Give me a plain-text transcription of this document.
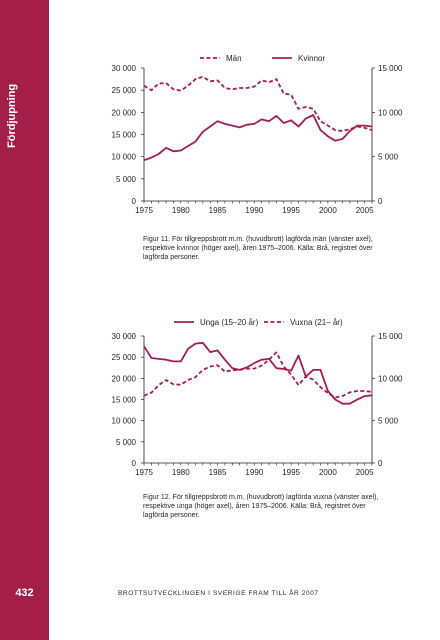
Fördjupning
432
0
5 000
10 000
15 000
20 000
25 000
30 000
0
5 000
10 000
15 000
1975 1980 1985 1990 1995 2000 2005
Män	Kvinnor
Figur 11. För tillgreppsbrott m.m. (huvudbrott) lagförda män (vänster axel), respektive kvinnor (höger axel), åren 1975–2006. Källa: Brå, registret över lagförda personer.
0
5 000
10 000
15 000
20 000
25 000
30 000
0
5 000
10 000
15 000
1975 1980 1985 1990 1995 2000 2005
Unga (15–20 år)	Vuxna (21– år)
Figur 12. För tillgreppsbrott m.m. (huvudbrott) lagförda vuxna (vänster axel), respektive unga (höger axel), åren 1975–2006. Källa: Brå, registret över lagförda personer.
BROTTSUTVECKLINGEN I SVERIGE FRAM TILL ÅR 2007
